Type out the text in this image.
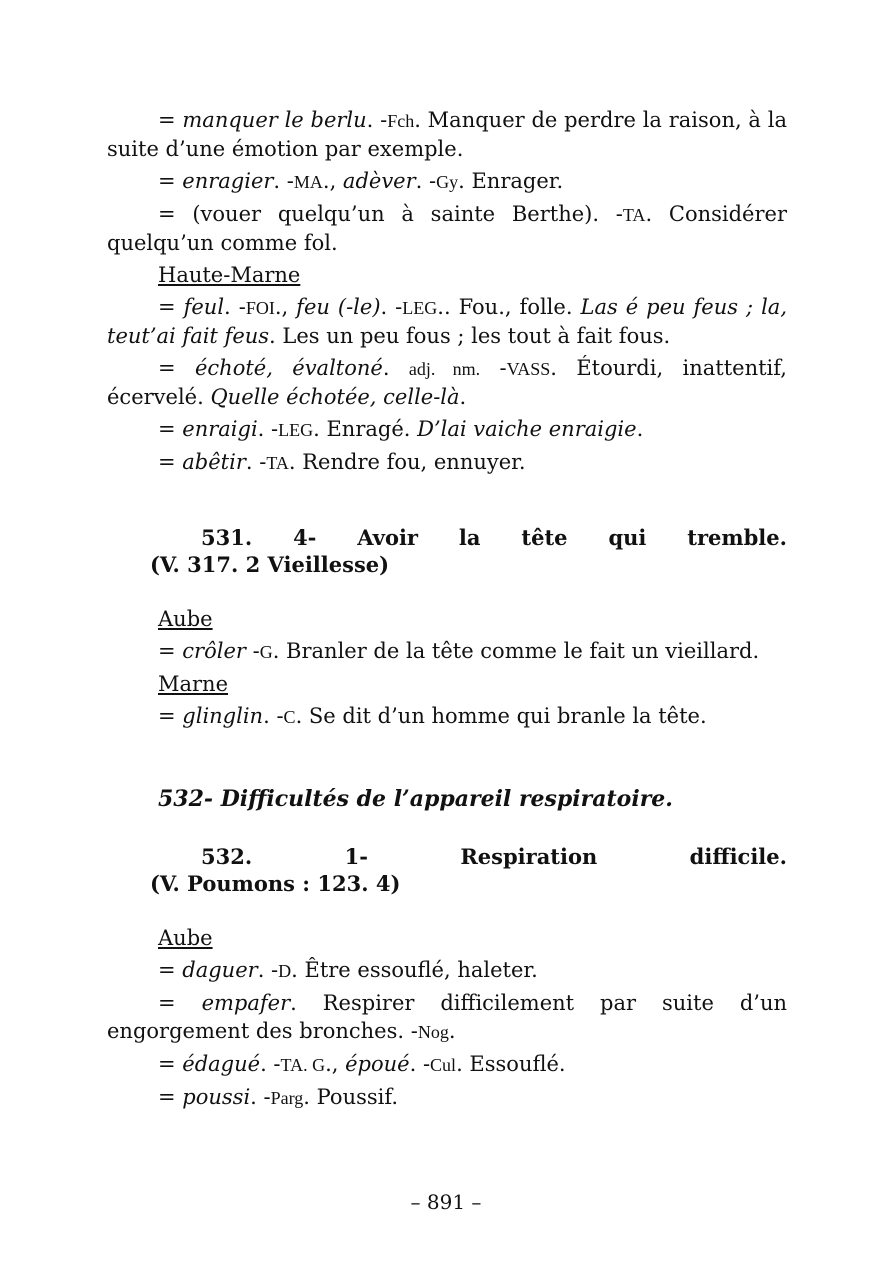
= manquer le berlu. -Fch. Manquer de perdre la raison, à la suite d’une émotion par exemple.

= enragier. -MA., adèver. -Gy. Enrager.

= (vouer quelqu’un à sainte Berthe). -TA. Considérer quelqu’un comme fol.

Haute-Marne

= feul. -FOI., feu (-le). -LEG.. Fou., folle. Las é peu feus ; la, teut’ai fait feus. Les un peu fous ; les tout à fait fous.

= échoté, évaltoné. adj. nm. -VASS. Étourdi, inattentif, écervelé. Quelle échotée, celle-là.

= enraigi. -LEG. Enragé. D’lai vaiche enraigie.

= abêtir. -TA. Rendre fou, ennuyer.

531. 4- Avoir la tête qui tremble.
(V. 317. 2 Vieillesse)

Aube

= crôler -G. Branler de la tête comme le fait un vieillard.

Marne

= glinglin. -C. Se dit d’un homme qui branle la tête.

532- Difficultés de l’appareil respiratoire.
532.	1-	Respiration	difficile.
(V. Poumons : 123. 4)

Aube

= daguer. -D. Être essouflé, haleter.

= empafer. Respirer difficilement par suite d’un engorgement des bronches. -Nog.

= édagué. -TA. G., époué. -Cul. Essouflé.

= poussi. -Parg. Poussif.

– 891 –
